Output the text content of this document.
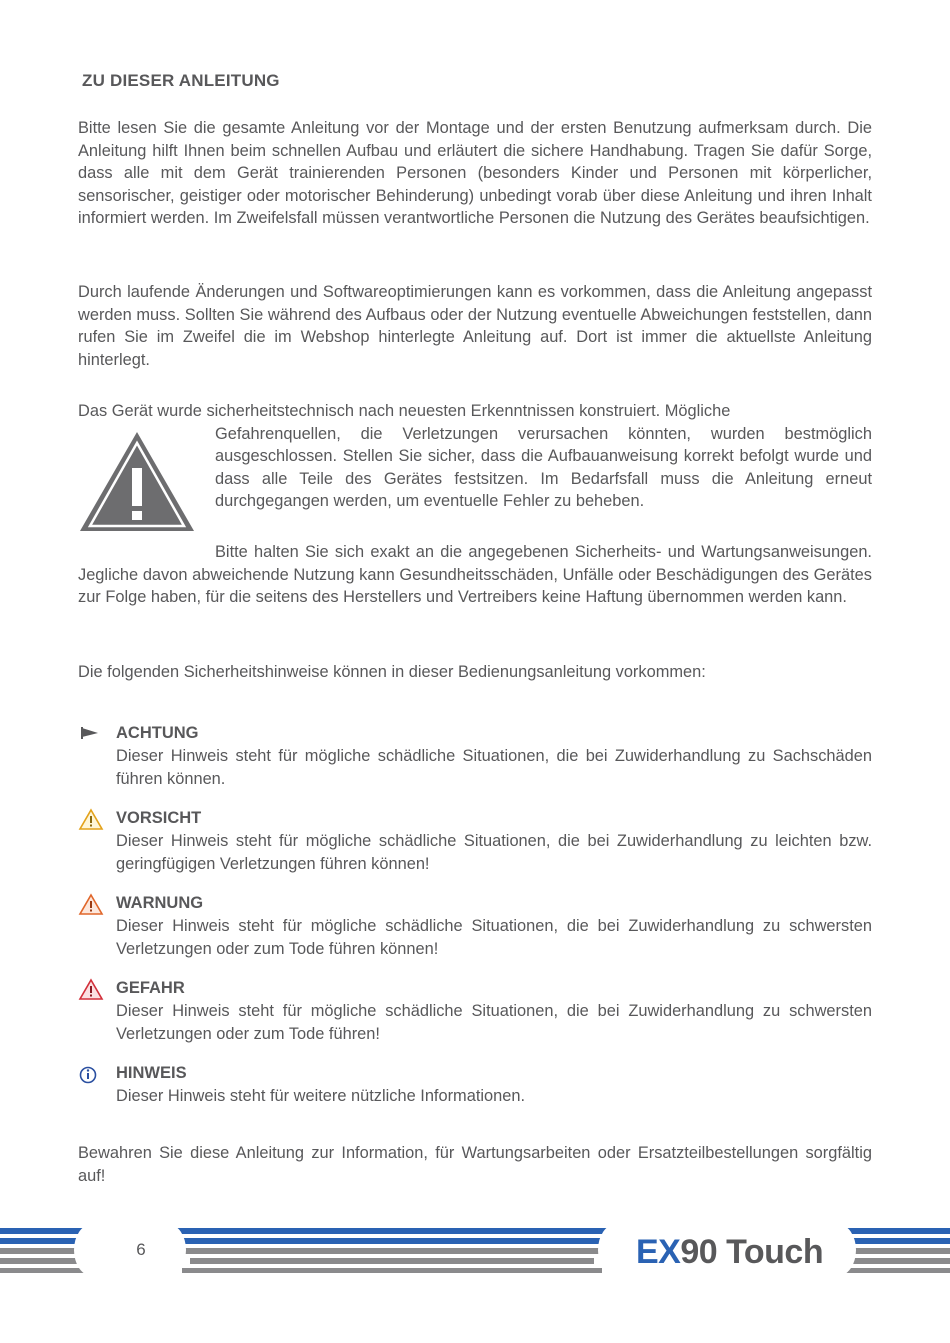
ZU DIESER ANLEITUNG

Bitte lesen Sie die gesamte Anleitung vor der Montage und der ersten Benutzung aufmerksam durch. Die Anleitung hilft Ihnen beim schnellen Aufbau und erläutert die sichere Handhabung. Tragen Sie dafür Sorge, dass alle mit dem Gerät trainierenden Personen (besonders Kinder und Personen mit körperlicher, sensorischer, geistiger oder motorischer Behinderung) unbedingt vorab über diese Anleitung und ihren Inhalt informiert werden. Im Zweifelsfall müssen verantwortliche Personen die Nutzung des Gerätes beaufsichtigen.

Durch laufende Änderungen und Softwareoptimierungen kann es vorkommen, dass die Anleitung angepasst werden muss. Sollten Sie während des Aufbaus oder der Nutzung eventuelle Abweichungen feststellen, dann rufen Sie im Zweifel die im Webshop hinterlegte Anleitung auf. Dort ist immer die aktuellste Anleitung hinterlegt.

Das Gerät wurde sicherheitstechnisch nach neuesten Erkenntnissen konstruiert. Mögliche

Gefahrenquellen, die Verletzungen verursachen könnten, wurden bestmöglich ausgeschlossen. Stellen Sie sicher, dass die Aufbauanweisung korrekt befolgt wurde und dass alle Teile des Gerätes festsitzen. Im Bedarfsfall muss die Anleitung erneut durchgegangen werden, um eventuelle Fehler zu beheben.

Bitte halten Sie sich exakt an die angegebenen Sicherheits- und Wartungsanweisungen. Jegliche davon abweichende Nutzung kann Gesundheitsschäden, Unfälle oder Beschädigungen des Gerätes zur Folge haben, für die seitens des Herstellers und Vertreibers keine Haftung übernommen werden kann.

Die folgenden Sicherheitshinweise können in dieser Bedienungsanleitung vorkommen:

ACHTUNG

Dieser Hinweis steht für mögliche schädliche Situationen, die bei Zuwiderhandlung zu Sachschäden führen können.

VORSICHT

Dieser Hinweis steht für mögliche schädliche Situationen, die bei Zuwiderhandlung zu leichten bzw. geringfügigen Verletzungen führen können!

WARNUNG

Dieser Hinweis steht für mögliche schädliche Situationen, die bei Zuwiderhandlung zu schwersten Verletzungen oder zum Tode führen können!

GEFAHR

Dieser Hinweis steht für mögliche schädliche Situationen, die bei Zuwiderhandlung zu schwersten Verletzungen oder zum Tode führen!

HINWEIS

Dieser Hinweis steht für weitere nützliche Informationen.

Bewahren Sie diese Anleitung zur Information, für Wartungsarbeiten oder Ersatzteilbestellungen sorgfältig auf!

6	EX90 Touch
